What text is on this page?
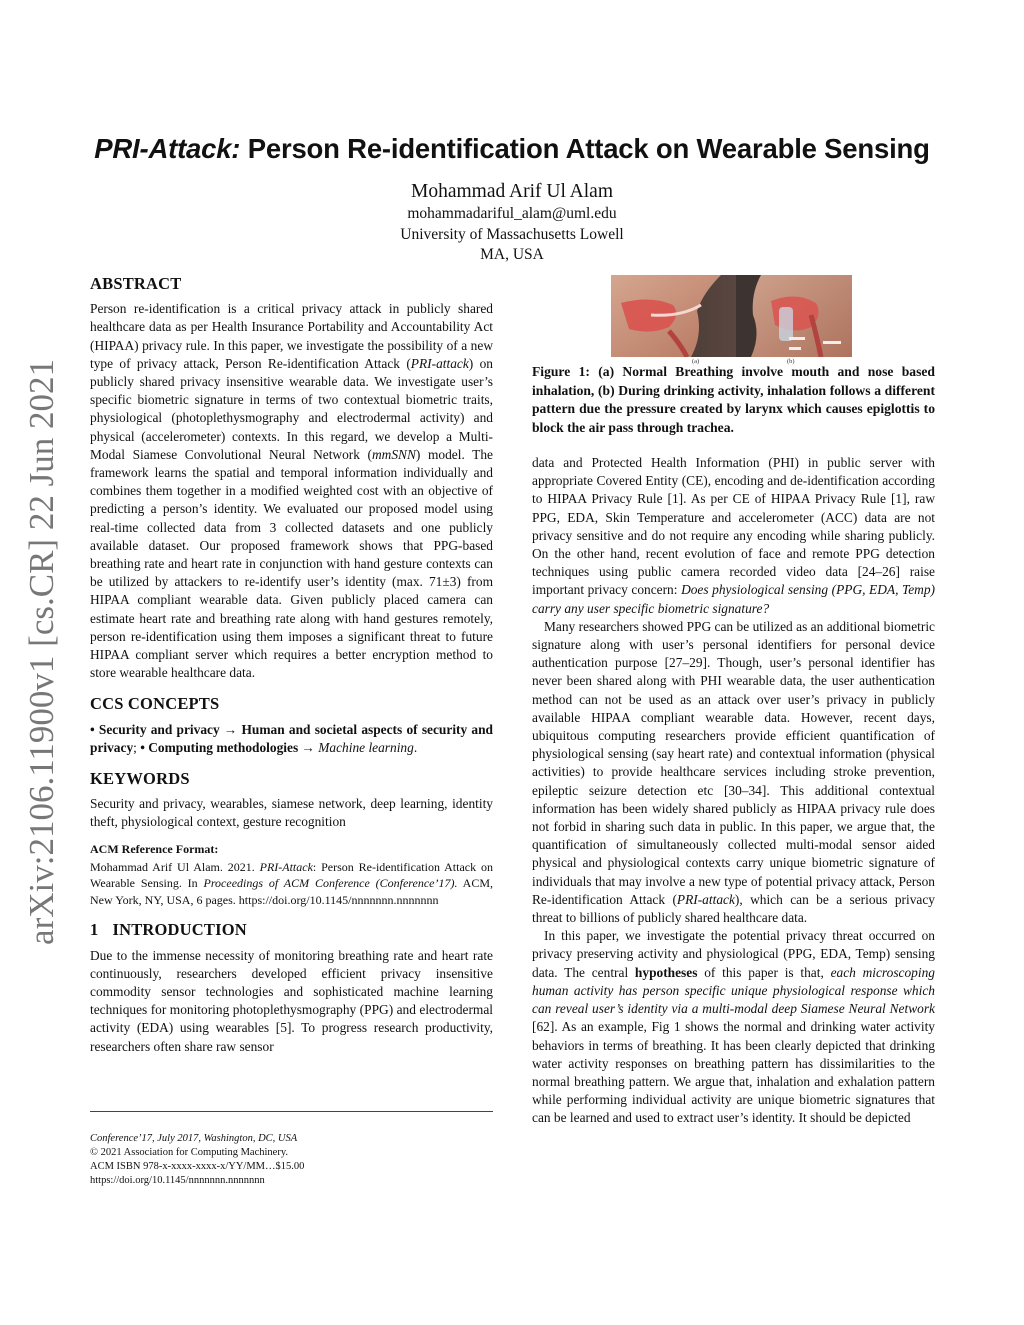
arXiv:2106.11900v1 [cs.CR] 22 Jun 2021
PRI-Attack: Person Re-identification Attack on Wearable Sensing
Mohammad Arif Ul Alam
mohammadariful_alam@uml.edu
University of Massachusetts Lowell
MA, USA
ABSTRACT

Person re-identification is a critical privacy attack in publicly shared healthcare data as per Health Insurance Portability and Accountability Act (HIPAA) privacy rule. In this paper, we investigate the possibility of a new type of privacy attack, Person Re-identification Attack (PRI-attack) on publicly shared privacy insensitive wearable data. We investigate user’s specific biometric signature in terms of two contextual biometric traits, physiological (photoplethysmography and electrodermal activity) and physical (accelerometer) contexts. In this regard, we develop a Multi-Modal Siamese Convolutional Neural Network (mmSNN) model. The framework learns the spatial and temporal information individually and combines them together in a modified weighted cost with an objective of predicting a person’s identity. We evaluated our proposed model using real-time collected data from 3 collected datasets and one publicly available dataset. Our proposed framework shows that PPG-based breathing rate and heart rate in conjunction with hand gesture contexts can be utilized by attackers to re-identify user’s identity (max. 71±3) from HIPAA compliant wearable data. Given publicly placed camera can estimate heart rate and breathing rate along with hand gestures remotely, person re-identification using them imposes a significant threat to future HIPAA compliant server which requires a better encryption method to store wearable healthcare data.

CCS CONCEPTS

• Security and privacy → Human and societal aspects of security and privacy; • Computing methodologies → Machine learning.

KEYWORDS

Security and privacy, wearables, siamese network, deep learning, identity theft, physiological context, gesture recognition

ACM Reference Format:

Mohammad Arif Ul Alam. 2021. PRI-Attack: Person Re-identification Attack on Wearable Sensing. In Proceedings of ACM Conference (Conference’17). ACM, New York, NY, USA, 6 pages. https://doi.org/10.1145/nnnnnnn.nnnnnnn

1 INTRODUCTION

Due to the immense necessity of monitoring breathing rate and heart rate continuously, researchers developed efficient privacy insensitive commodity sensor technologies and sophisticated machine learning techniques for monitoring photoplethysmography (PPG) and electrodermal activity (EDA) using wearables [5]. To progress research productivity, researchers often share raw sensor

Conference’17, July 2017, Washington, DC, USA
© 2021 Association for Computing Machinery.
ACM ISBN 978-x-xxxx-xxxx-x/YY/MM…$15.00
https://doi.org/10.1145/nnnnnnn.nnnnnnn
(a)	(b)
Figure 1: (a) Normal Breathing involve mouth and nose based inhalation, (b) During drinking activity, inhalation follows a different pattern due the pressure created by larynx which causes epiglottis to block the air pass through trachea.

data and Protected Health Information (PHI) in public server with appropriate Covered Entity (CE), encoding and de-identification according to HIPAA Privacy Rule [1]. As per CE of HIPAA Privacy Rule [1], raw PPG, EDA, Skin Temperature and accelerometer (ACC) data are not privacy sensitive and do not require any encoding while sharing publicly. On the other hand, recent evolution of face and remote PPG detection techniques using public camera recorded video data [24–26] raise important privacy concern: Does physiological sensing (PPG, EDA, Temp) carry any user specific biometric signature?

Many researchers showed PPG can be utilized as an additional biometric signature along with user’s personal identifiers for personal device authentication purpose [27–29]. Though, user’s personal identifier has never been shared along with PHI wearable data, the user authentication method can not be used as an attack over user’s privacy in publicly available HIPAA compliant wearable data. However, recent days, ubiquitous computing researchers provide efficient quantification of physiological sensing (say heart rate) and contextual information (physical activities) to provide healthcare services including stroke prevention, epileptic seizure detection etc [30–34]. This additional contextual information has been widely shared publicly as HIPAA privacy rule does not forbid in sharing such data in public. In this paper, we argue that, the quantification of simultaneously collected multi-modal sensor aided physical and physiological contexts carry unique biometric signature of individuals that may involve a new type of potential privacy attack, Person Re-identification Attack (PRI-attack), which can be a serious privacy threat to billions of publicly shared healthcare data.

In this paper, we investigate the potential privacy threat occurred on privacy preserving activity and physiological (PPG, EDA, Temp) sensing data. The central hypotheses of this paper is that, each microscoping human activity has person specific unique physiological response which can reveal user’s identity via a multi-modal deep Siamese Neural Network [62]. As an example, Fig 1 shows the normal and drinking water activity behaviors in terms of breathing. It has been clearly depicted that drinking water activity responses on breathing pattern has dissimilarities to the normal breathing pattern. We argue that, inhalation and exhalation pattern while performing individual activity are unique biometric signatures that can be learned and used to extract user’s identity. It should be depicted
